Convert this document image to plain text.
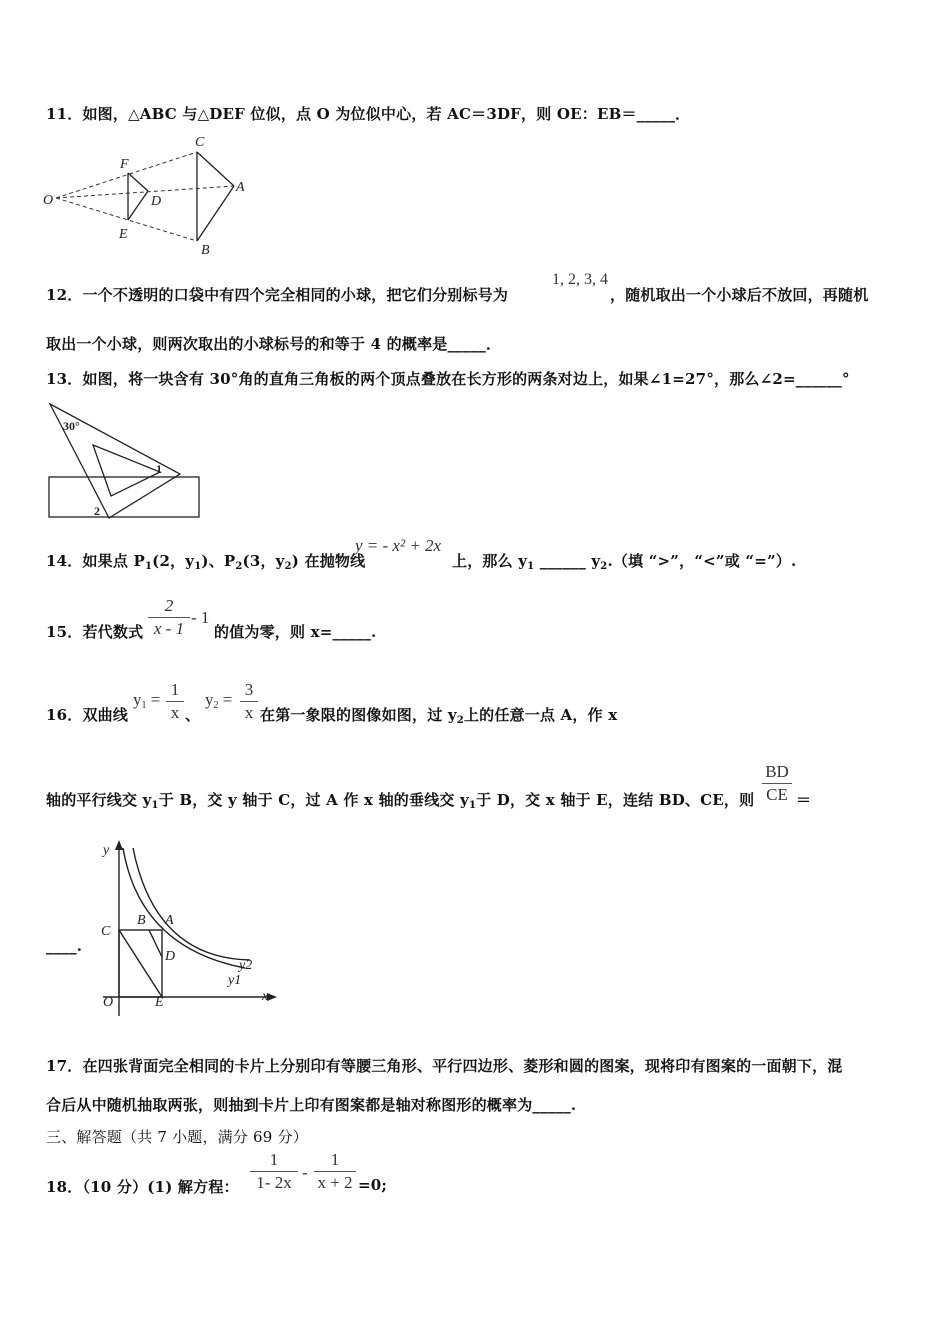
11．如图，△ABC 与△DEF 位似，点 O 为位似中心，若 AC＝3DF，则 OE：EB＝_____．
C
F
O	D
A
E
B
12．一个不透明的口袋中有四个完全相同的小球，把它们分别标号为
1, 2, 3, 4
，随机取出一个小球后不放回，再随机
取出一个小球，则两次取出的小球标号的和等于 4 的概率是_____．
13．如图，将一块含有 30°角的直角三角板的两个顶点叠放在长方形的两条对边上，如果∠1=27°，那么∠2=______°
30°
1
2
14．如果点 $P_1(2$，$y_1$)、$P_2(3$，$y_2$) 在抛物线
y = - x² + 2x
上，那么 $y_1$ ______ $y_2$.（填 “>”，“<”或 “=”）.
15．若代数式
2
x - 1
- 1
的值为零，则 x=_____.
16．双曲线
$y_1$ =
1
x 、
$y_2$ =
3
x 在第一象限的图像如图，过 $y_2$上的任意一点 A，作 x
轴的平行线交 $y_1$于 B，交 y 轴于 C，过 A 作 x 轴的垂线交 $y_1$于 D，交 x 轴于 E，连结 BD、CE，则
BD
CE ＝
y
C
B A
D
y2
y1
O	E	x
____.
17．在四张背面完全相同的卡片上分别印有等腰三角形、平行四边形、菱形和圆的图案，现将印有图案的一面朝下，混
合后从中随机抽取两张，则抽到卡片上印有图案都是轴对称图形的概率为_____.
三、解答题（共 7 小题，满分 69 分）
18．（10 分）(1) 解方程：
1
1- 2x
-
1
x + 2 =0;
